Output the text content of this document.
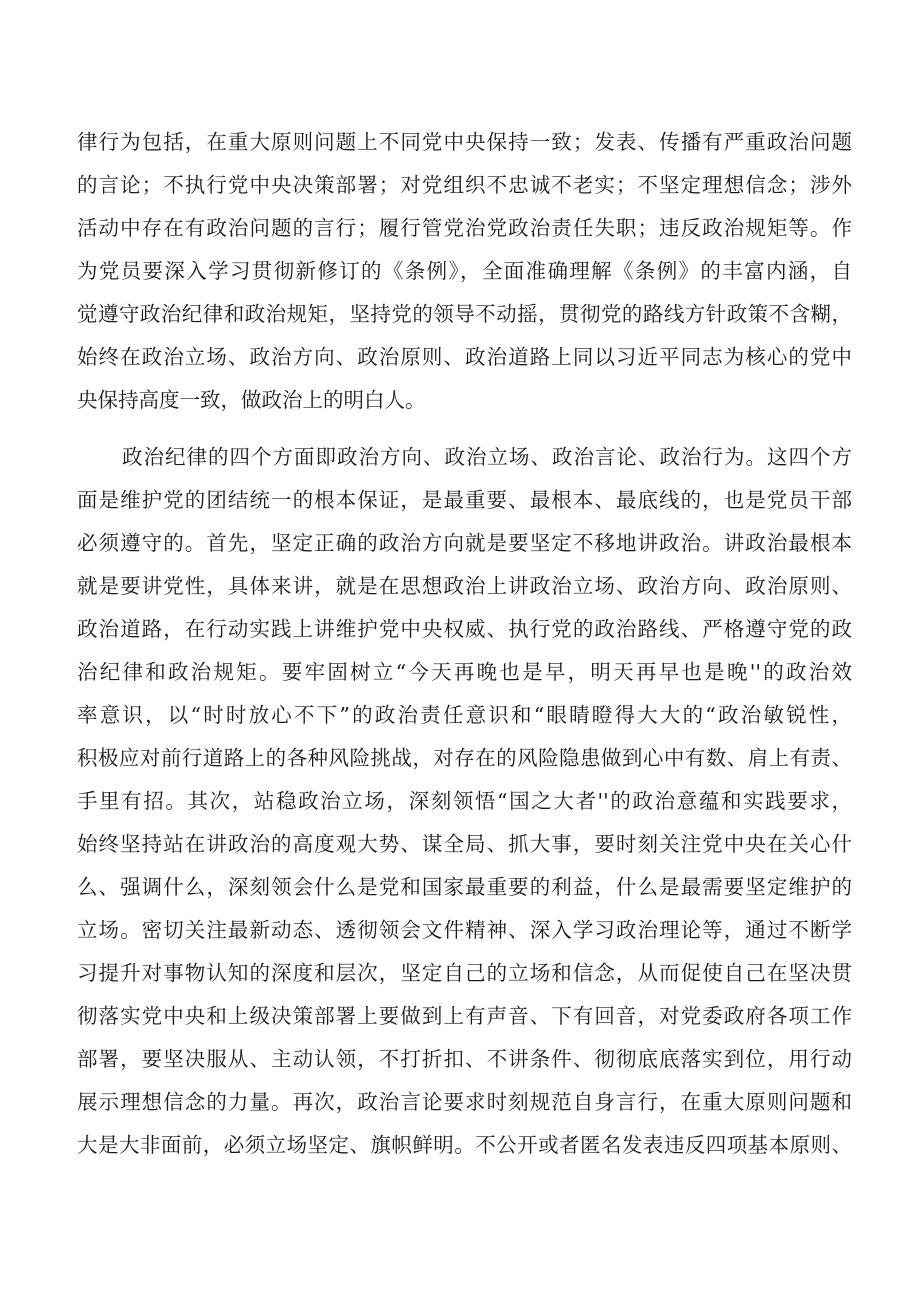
律行为包括，在重大原则问题上不同党中央保持一致；发表、传播有严重政治问题
的言论；不执行党中央决策部署；对党组织不忠诚不老实；不坚定理想信念；涉外
活动中存在有政治问题的言行；履行管党治党政治责任失职；违反政治规矩等。作
为党员要深入学习贯彻新修订的《条例》，全面准确理解《条例》的丰富内涵，自
觉遵守政治纪律和政治规矩，坚持党的领导不动摇，贯彻党的路线方针政策不含糊，
始终在政治立场、政治方向、政治原则、政治道路上同以习近平同志为核心的党中
央保持高度一致，做政治上的明白人。
政治纪律的四个方面即政治方向、政治立场、政治言论、政治行为。这四个方
面是维护党的团结统一的根本保证，是最重要、最根本、最底线的，也是党员干部
必须遵守的。首先，坚定正确的政治方向就是要坚定不移地讲政治。讲政治最根本
就是要讲党性，具体来讲，就是在思想政治上讲政治立场、政治方向、政治原则、
政治道路，在行动实践上讲维护党中央权威、执行党的政治路线、严格遵守党的政
治纪律和政治规矩。要牢固树立“今天再晚也是早，明天再早也是晚''的政治效
率意识，以“时时放心不下”的政治责任意识和“眼睛瞪得大大的“政治敏锐性，
积极应对前行道路上的各种风险挑战，对存在的风险隐患做到心中有数、肩上有责、
手里有招。其次，站稳政治立场，深刻领悟“国之大者''的政治意蕴和实践要求，
始终坚持站在讲政治的高度观大势、谋全局、抓大事，要时刻关注党中央在关心什
么、强调什么，深刻领会什么是党和国家最重要的利益，什么是最需要坚定维护的
立场。密切关注最新动态、透彻领会文件精神、深入学习政治理论等，通过不断学
习提升对事物认知的深度和层次，坚定自己的立场和信念，从而促使自己在坚决贯
彻落实党中央和上级决策部署上要做到上有声音、下有回音，对党委政府各项工作
部署，要坚决服从、主动认领，不打折扣、不讲条件、彻彻底底落实到位，用行动
展示理想信念的力量。再次，政治言论要求时刻规范自身言行，在重大原则问题和
大是大非面前，必须立场坚定、旗帜鲜明。不公开或者匿名发表违反四项基本原则、
